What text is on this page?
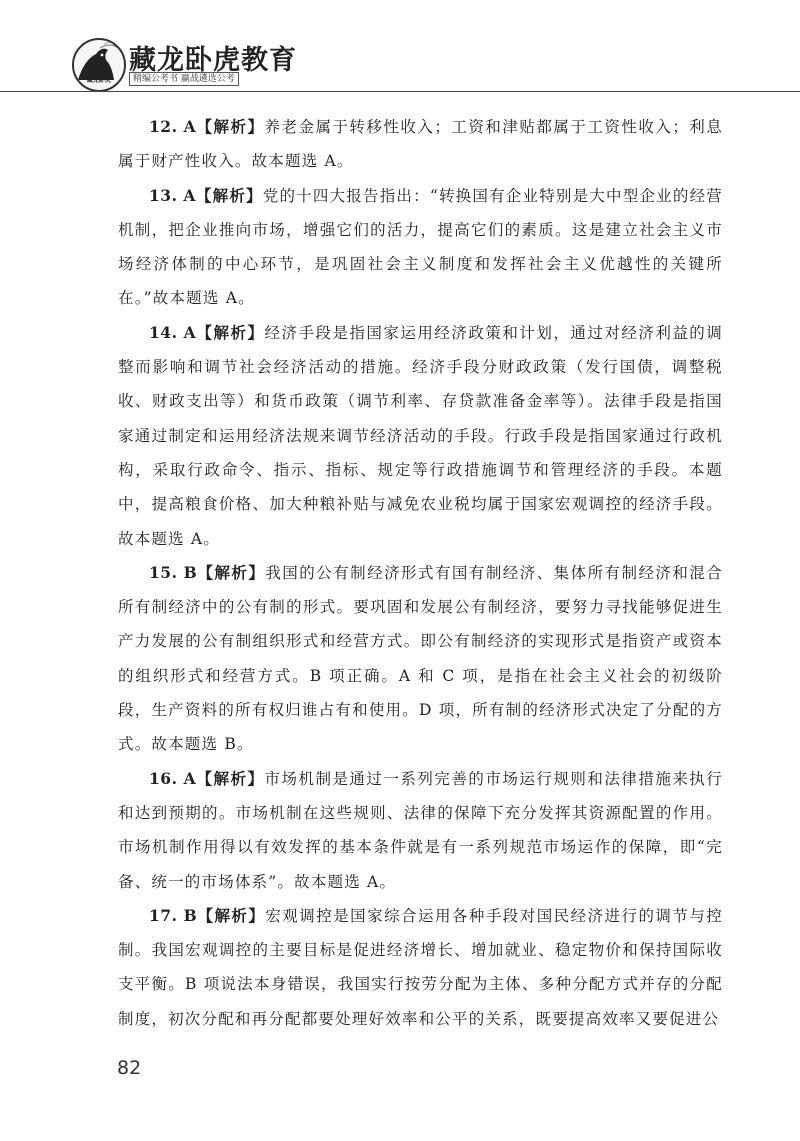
藏龙卧虎
藏龙卧虎教育
精编公考书 赢战遴选公考

12. A【解析】养老金属于转移性收入；工资和津贴都属于工资性收入；利息属于财产性收入。故本题选 A。

13. A【解析】党的十四大报告指出：“转换国有企业特别是大中型企业的经营机制，把企业推向市场，增强它们的活力，提高它们的素质。这是建立社会主义市场经济体制的中心环节，是巩固社会主义制度和发挥社会主义优越性的关键所在。”故本题选 A。

14. A【解析】经济手段是指国家运用经济政策和计划，通过对经济利益的调整而影响和调节社会经济活动的措施。经济手段分财政政策（发行国债，调整税收、财政支出等）和货币政策（调节利率、存贷款准备金率等）。法律手段是指国家通过制定和运用经济法规来调节经济活动的手段。行政手段是指国家通过行政机构，采取行政命令、指示、指标、规定等行政措施调节和管理经济的手段。本题中，提高粮食价格、加大种粮补贴与减免农业税均属于国家宏观调控的经济手段。故本题选 A。

15. B【解析】我国的公有制经济形式有国有制经济、集体所有制经济和混合所有制经济中的公有制的形式。要巩固和发展公有制经济，要努力寻找能够促进生产力发展的公有制组织形式和经营方式。即公有制经济的实现形式是指资产或资本的组织形式和经营方式。B 项正确。A 和 C 项，是指在社会主义社会的初级阶段，生产资料的所有权归谁占有和使用。D 项，所有制的经济形式决定了分配的方式。故本题选 B。

16. A【解析】市场机制是通过一系列完善的市场运行规则和法律措施来执行和达到预期的。市场机制在这些规则、法律的保障下充分发挥其资源配置的作用。市场机制作用得以有效发挥的基本条件就是有一系列规范市场运作的保障，即“完备、统一的市场体系”。故本题选 A。

17. B【解析】宏观调控是国家综合运用各种手段对国民经济进行的调节与控制。我国宏观调控的主要目标是促进经济增长、增加就业、稳定物价和保持国际收支平衡。B 项说法本身错误，我国实行按劳分配为主体、多种分配方式并存的分配制度，初次分配和再分配都要处理好效率和公平的关系，既要提高效率又要促进公

82
